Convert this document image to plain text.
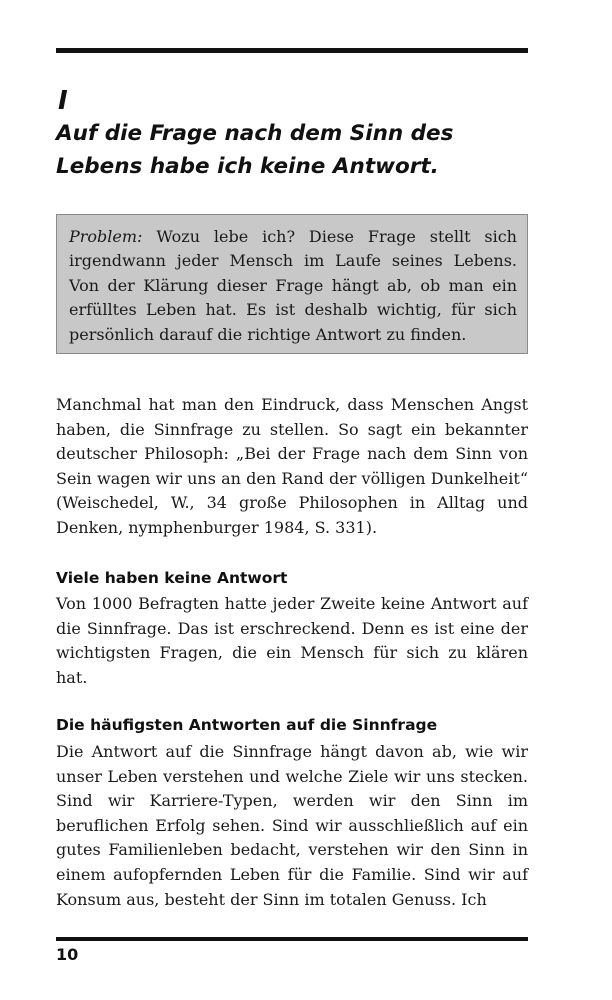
I
Auf die Frage nach dem Sinn des
Lebens habe ich keine Antwort.

Problem: Wozu lebe ich? Diese Frage stellt sich irgendwann jeder Mensch im Laufe seines Lebens. Von der Klärung dieser Frage hängt ab, ob man ein erfülltes Leben hat. Es ist deshalb wichtig, für sich persönlich darauf die richtige Antwort zu finden.

Manchmal hat man den Eindruck, dass Menschen Angst haben, die Sinnfrage zu stellen. So sagt ein bekannter deutscher Philosoph: „Bei der Frage nach dem Sinn von Sein wagen wir uns an den Rand der völligen Dunkelheit“ (Weischedel, W., 34 große Philosophen in Alltag und Denken, nymphenburger 1984, S. 331).

Viele haben keine Antwort

Von 1000 Befragten hatte jeder Zweite keine Antwort auf die Sinnfrage. Das ist erschreckend. Denn es ist eine der wichtigsten Fragen, die ein Mensch für sich zu klären hat.

Die häufigsten Antworten auf die Sinnfrage

Die Antwort auf die Sinnfrage hängt davon ab, wie wir unser Leben verstehen und welche Ziele wir uns stecken. Sind wir Karriere-Typen, werden wir den Sinn im beruflichen Erfolg sehen. Sind wir ausschließlich auf ein gutes Familienleben bedacht, verstehen wir den Sinn in einem aufopfernden Leben für die Familie. Sind wir auf Konsum aus, besteht der Sinn im totalen Genuss. Ich

10
